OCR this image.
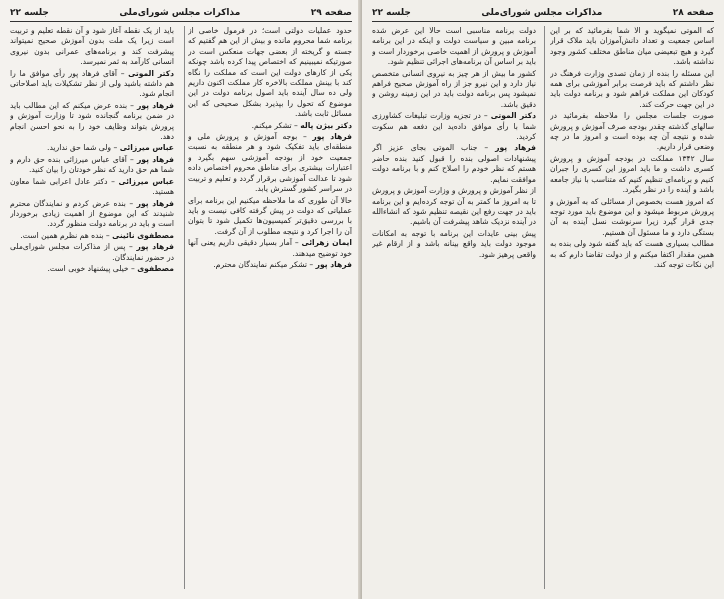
صفحه ۲۹
مذاکرات مجلس شورای‌ملی
جلسه ۲۲

حدود عملیات دولتی است؛ در فرمول خاصی از برنامه شما محروم مانده و بیش از این هم گفتیم که جسته و گریخته از بعضی جهات منعکس است در صورتیکه نمیبینیم که اختصاص پیدا کرده باشد چونکه یکی از کارهای دولت این است که مملکت را نگاه کند با بینش مملکت بالاخره کار مملکت اکنون داریم ولی ده سال آینده باید اصول برنامه دولت در این موضوع که تحول را بپذیرد بشکل صحیحی که این مسائل ثابت باشد.

دکتر بیژن پاله – تشکر میکنم.

فرهاد پور – بوجه آموزش و پرورش ملی و منطقه‌ای باید تفکیک شود و هر منطقه به نسبت جمعیت خود از بودجه آموزشی سهم بگیرد و اعتبارات بیشتری برای مناطق محروم اختصاص داده شود تا عدالت آموزشی برقرار گردد و تعلیم و تربیت در سراسر کشور گسترش یابد.

حالا آن طوری که ما ملاحظه میکنیم این برنامه برای عملیاتی که دولت در پیش گرفته کافی نیست و باید با بررسی دقیق‌تر کمیسیون‌ها تکمیل شود تا بتوان آن را اجرا کرد و نتیجه مطلوب از آن گرفت.

ایمان زهرائی – آمار بسیار دقیقی داریم یعنی آنها خود توضیح میدهند.

فرهاد پور – تشکر میکنم نمایندگان محترم.

باید از یک نقطه آغاز شود و آن نقطه تعلیم و تربیت است زیرا یک ملت بدون آموزش صحیح نمیتواند پیشرفت کند و برنامه‌های عمرانی بدون نیروی انسانی کارآمد به ثمر نمیرسد.

دکتر الموتی – آقای فرهاد پور رأی موافق ما را هم داشته باشید ولی از نظر تشکیلات باید اصلاحاتی انجام شود.

فرهاد پور – بنده عرض میکنم که این مطالب باید در ضمن برنامه گنجانده شود تا وزارت آموزش و پرورش بتواند وظایف خود را به نحو احسن انجام دهد.

عباس میرزائی – ولی شما حق ندارید.

فرهاد پور – آقای عباس میرزائی بنده حق دارم و شما هم حق دارید که نظر خودتان را بیان کنید.

عباس میرزائی – دکتر عادل اعرابی شما معاون هستید.

فرهاد پور – بنده عرض کردم و نمایندگان محترم شنیدند که این موضوع از اهمیت زیادی برخوردار است و باید در برنامه دولت منظور گردد.

مصطفوی نائینی – بنده هم نظرم همین است.

فرهاد پور – پس از مذاکرات مجلس شورای‌ملی در حضور نمایندگان.

مصطفوی – خیلی پیشنهاد خوبی است.

صفحه ۲۸
مذاکرات مجلس شورای‌ملی
جلسه ۲۲

که الموتی نمیگوید و الا شما بفرمائید که بر این اساس جمعیت و تعداد دانش‌آموزان باید ملاک قرار گیرد و هیچ تبعیضی میان مناطق مختلف کشور وجود نداشته باشد.

این مسئله را بنده از زمان تصدی وزارت فرهنگ در نظر داشتم که باید فرصت برابر آموزشی برای همه کودکان این مملکت فراهم شود و برنامه دولت باید در این جهت حرکت کند.

صورت جلسات مجلس را ملاحظه بفرمائید در سالهای گذشته چقدر بودجه صرف آموزش و پرورش شده و نتیجه آن چه بوده است و امروز ما در چه وضعی قرار داریم.

سال ۱۳۴۲ مملکت در بودجه آموزش و پرورش کسری داشت و ما باید امروز این کسری را جبران کنیم و برنامه‌ای تنظیم کنیم که متناسب با نیاز جامعه باشد و آینده را در نظر بگیرد.

که امروز هست بخصوص از مسائلی که به آموزش و پرورش مربوط میشود و این موضوع باید مورد توجه جدی قرار گیرد زیرا سرنوشت نسل آینده به آن بستگی دارد و ما مسئول آن هستیم.

مطالب بسیاری هست که باید گفته شود ولی بنده به همین مقدار اکتفا میکنم و از دولت تقاضا دارم که به این نکات توجه کند.

دولت برنامه مناسبی است حالا این عرض شده برنامه مبین و سیاست دولت و اینکه در این برنامه آموزش و پرورش از اهمیت خاصی برخوردار است و باید بر اساس آن برنامه‌های اجرائی تنظیم شود.

کشور ما بیش از هر چیز به نیروی انسانی متخصص نیاز دارد و این نیرو جز از راه آموزش صحیح فراهم نمیشود پس برنامه دولت باید در این زمینه روشن و دقیق باشد.

دکتر الموتی – در تجزیه وزارت تبلیغات کشاورزی شما با رأی موافق داده‌ید این دفعه هم سکوت کردید.

فرهاد پور – جناب الموتی بجای عزیز اگر پیشنهادات اصولی بنده را قبول کنید بنده حاضر هستم که نظر خودم را اصلاح کنم و با برنامه دولت موافقت نمایم.

از نظر آموزش و پرورش و وزارت آموزش و پرورش تا به امروز ما کمتر به آن توجه کرده‌ایم و این برنامه باید در جهت رفع این نقیصه تنظیم شود که انشاءالله در آینده نزدیک شاهد پیشرفت آن باشیم.

پیش بینی عایدات این برنامه با توجه به امکانات موجود دولت باید واقع بینانه باشد و از ارقام غیر واقعی پرهیز شود.
